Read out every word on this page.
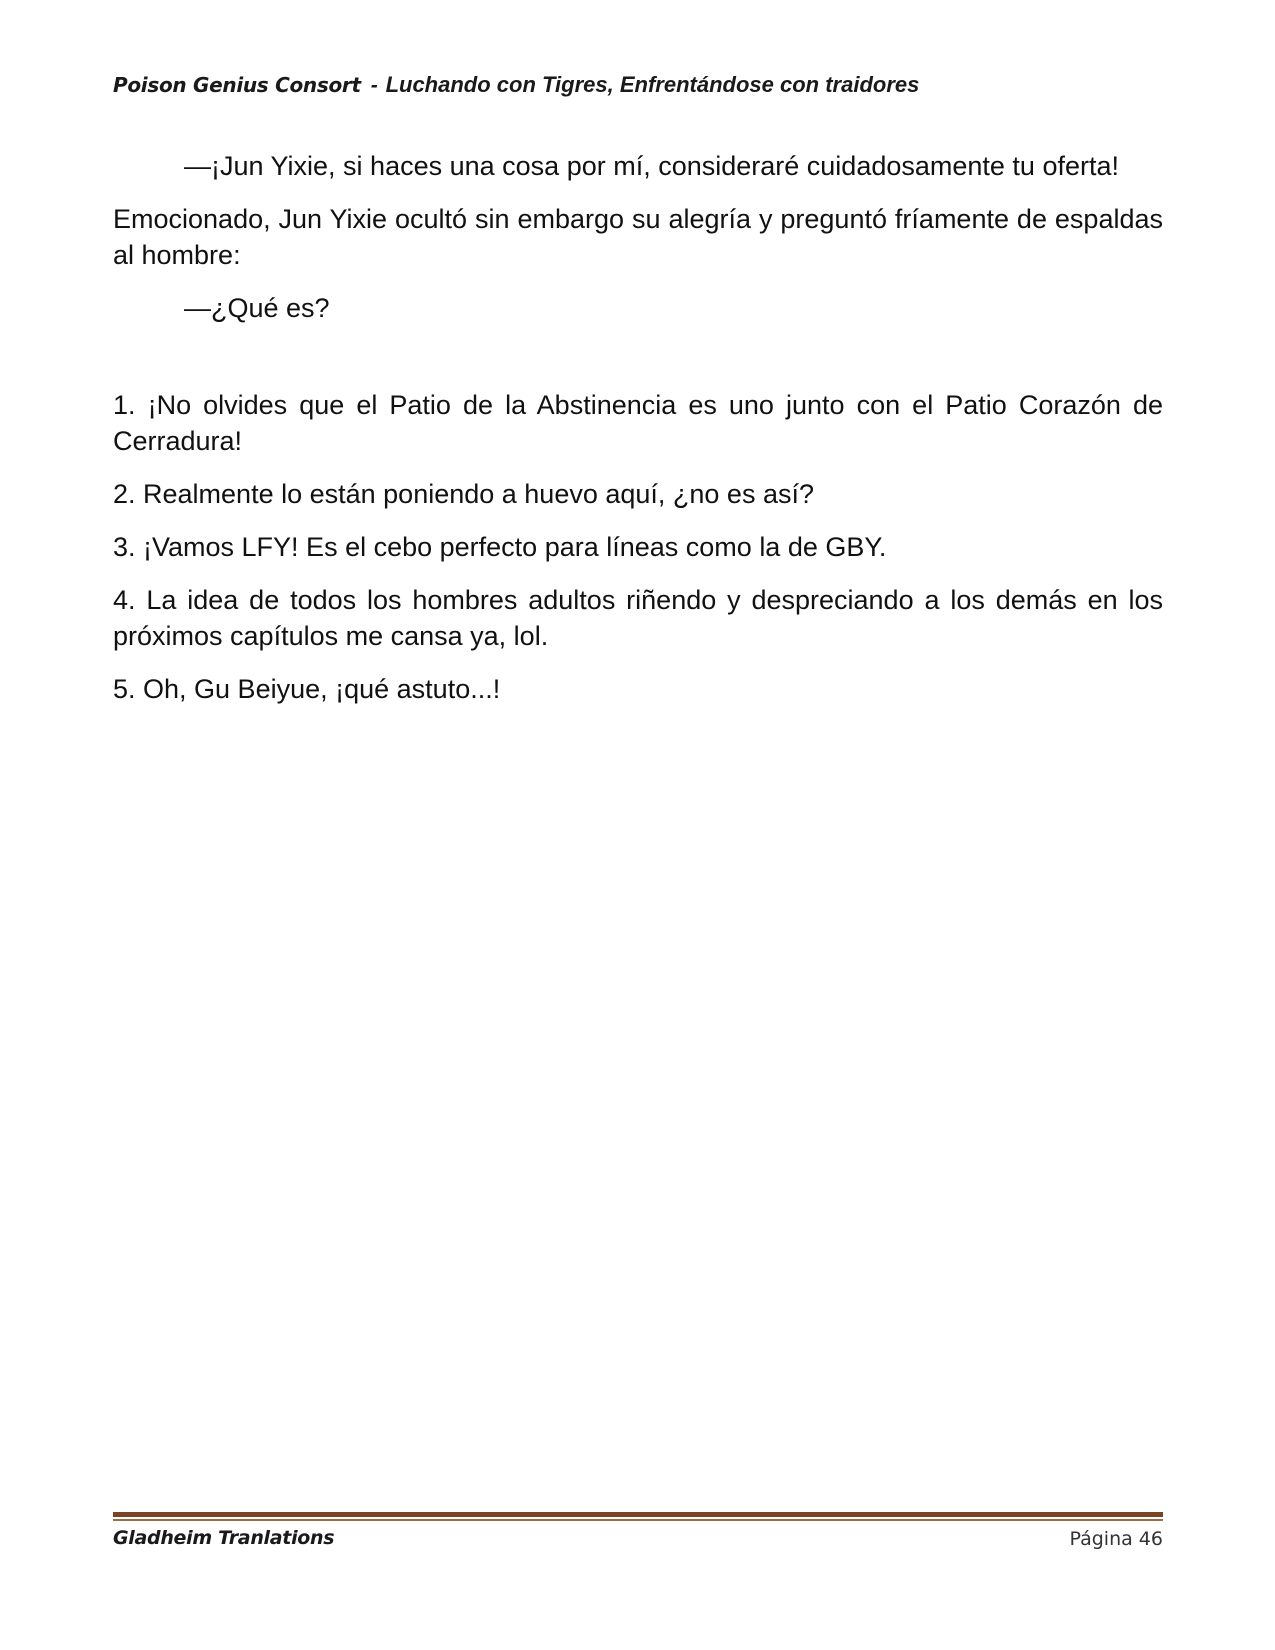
Poison Genius Consort - Luchando con Tigres, Enfrentándose con traidores

—¡Jun Yixie, si haces una cosa por mí, consideraré cuidadosamente tu oferta!

Emocionado, Jun Yixie ocultó sin embargo su alegría y preguntó fríamente de espaldas al hombre:

—¿Qué es?

1. ¡No olvides que el Patio de la Abstinencia es uno junto con el Patio Corazón de Cerradura!

2. Realmente lo están poniendo a huevo aquí, ¿no es así?

3. ¡Vamos LFY! Es el cebo perfecto para líneas como la de GBY.

4. La idea de todos los hombres adultos riñendo y despreciando a los demás en los próximos capítulos me cansa ya, lol.

5. Oh, Gu Beiyue, ¡qué astuto...!

Gladheim Tranlations	Página 46
